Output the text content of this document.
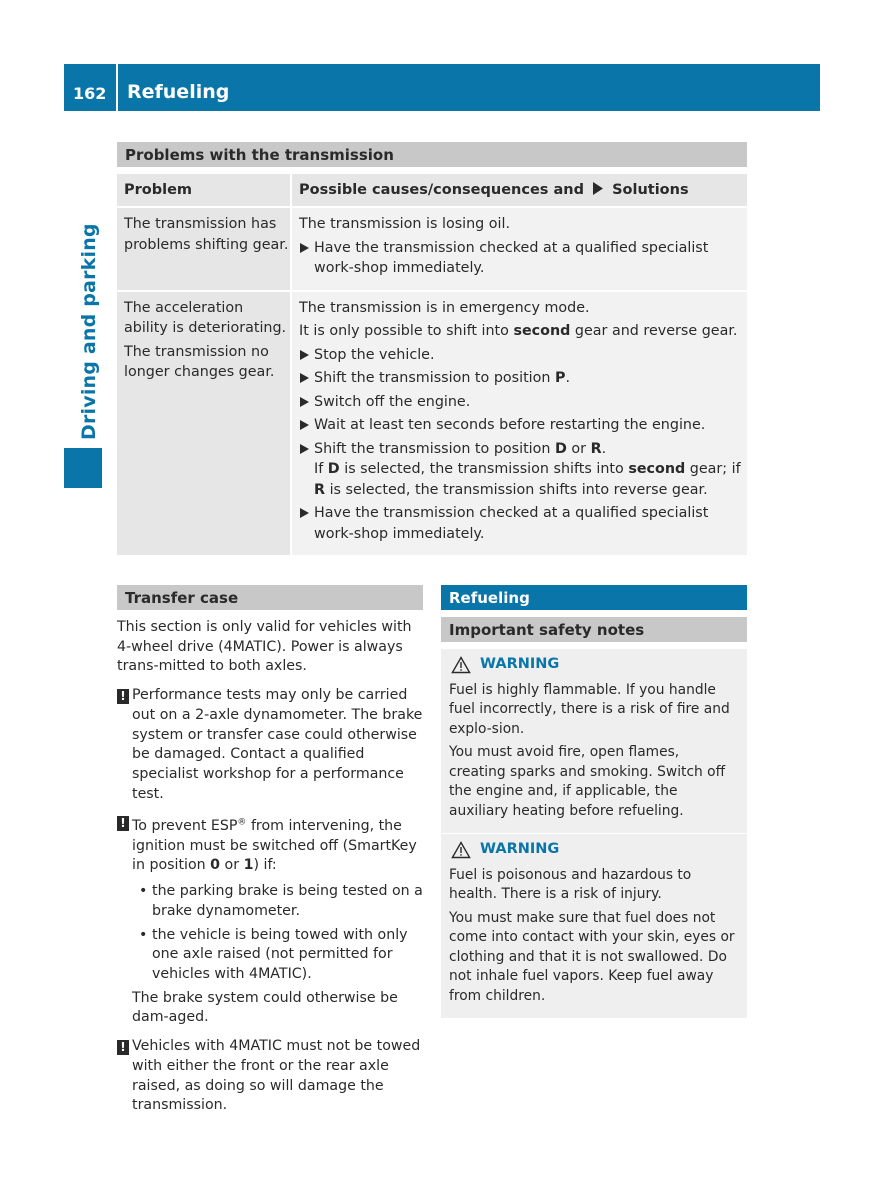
162 Refueling
Driving and parking
Problems with the transmission
Problem	Possible causes/consequences and Solutions

The transmission has problems shifting gear.

The transmission is losing oil.

Have the transmission checked at a qualified specialist work-shop immediately.

The acceleration ability is deteriorating.

The transmission no longer changes gear.

The transmission is in emergency mode.

It is only possible to shift into second gear and reverse gear.

Stop the vehicle.
Shift the transmission to position P.
Switch off the engine.
Wait at least ten seconds before restarting the engine.
Shift the transmission to position D or R.
If D is selected, the transmission shifts into second gear; if R is selected, the transmission shifts into reverse gear.
Have the transmission checked at a qualified specialist work-shop immediately.
Transfer case

This section is only valid for vehicles with 4-wheel drive (4MATIC). Power is always trans-mitted to both axles.

! Performance tests may only be carried out on a 2-axle dynamometer. The brake system or transfer case could otherwise be damaged. Contact a qualified specialist workshop for a performance test.
! To prevent ESP® from intervening, the ignition must be switched off (SmartKey in position 0 or 1) if:
• the parking brake is being tested on a brake dynamometer.
• the vehicle is being towed with only one axle raised (not permitted for vehicles with 4MATIC).
The brake system could otherwise be dam-aged.
! Vehicles with 4MATIC must not be towed with either the front or the rear axle raised, as doing so will damage the transmission.
Refueling
Important safety notes
WARNING

Fuel is highly flammable. If you handle fuel incorrectly, there is a risk of fire and explo-sion.

You must avoid fire, open flames, creating sparks and smoking. Switch off the engine and, if applicable, the auxiliary heating before refueling.

WARNING

Fuel is poisonous and hazardous to health. There is a risk of injury.

You must make sure that fuel does not come into contact with your skin, eyes or clothing and that it is not swallowed. Do not inhale fuel vapors. Keep fuel away from children.
